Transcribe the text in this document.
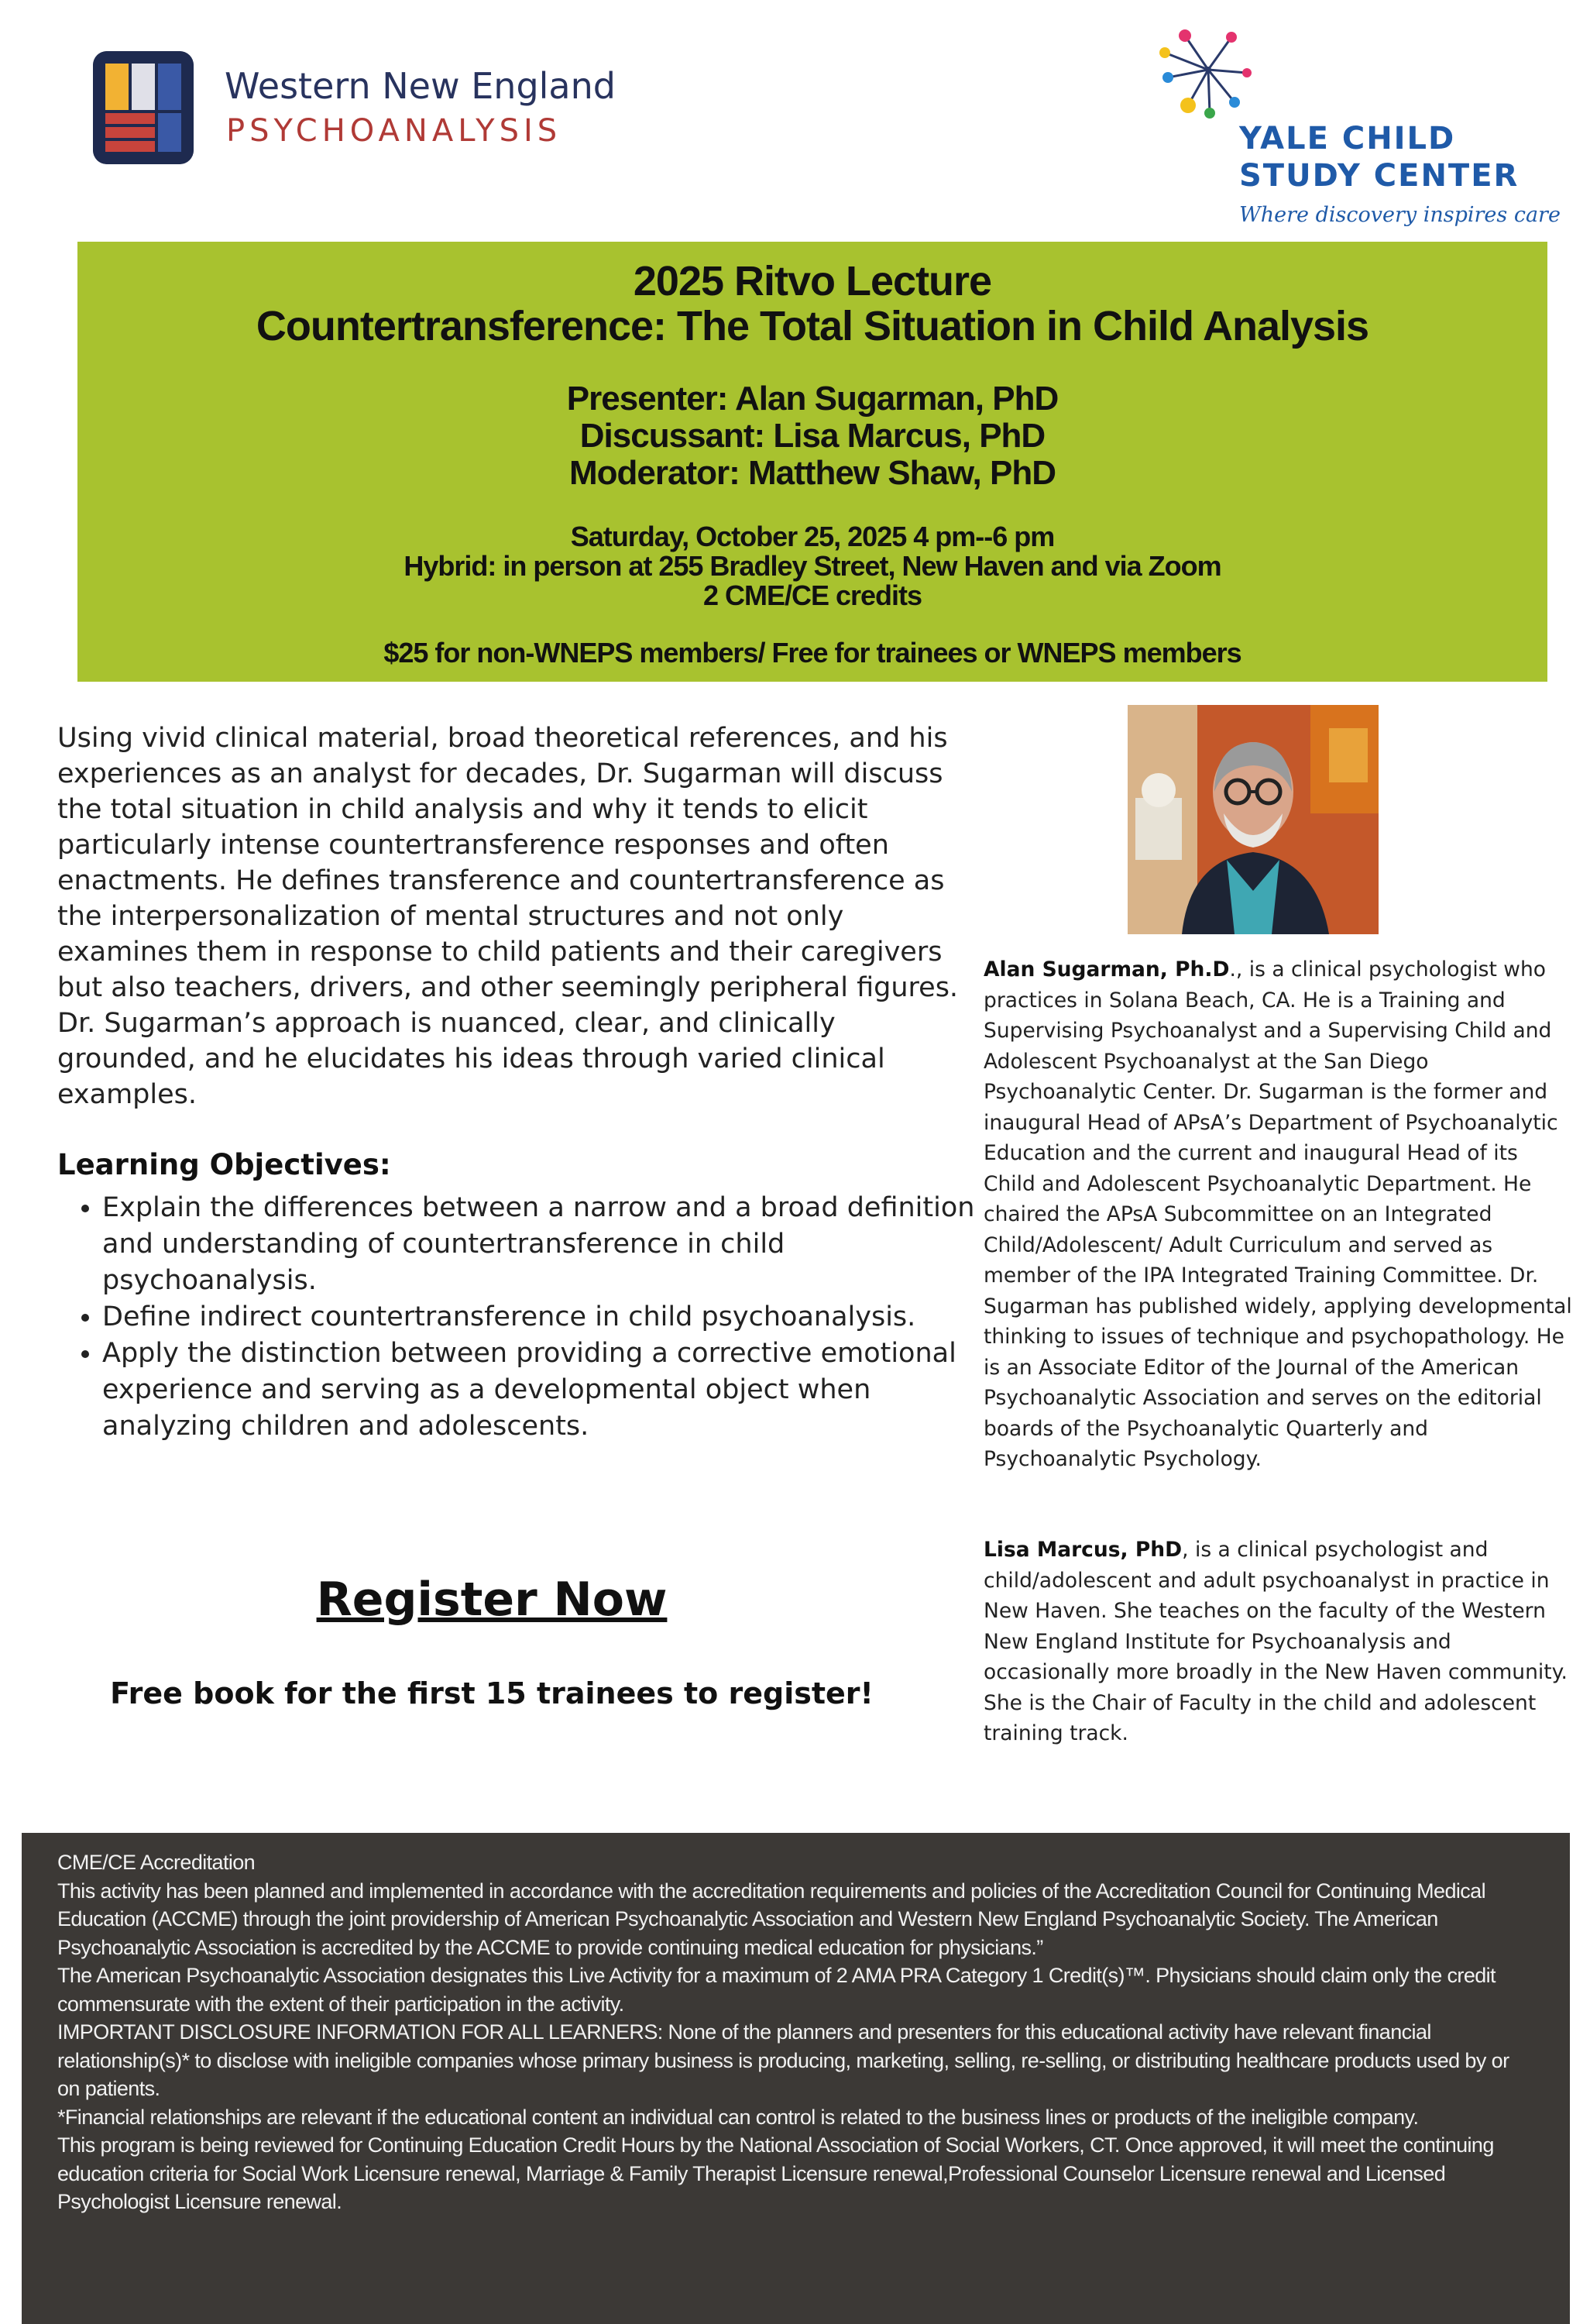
Western New England
PSYCHOANALYSIS	YALE CHILD
STUDY CENTER
Where discovery inspires care
2025 Ritvo Lecture
Countertransference: The Total Situation in Child Analysis
Presenter: Alan Sugarman, PhD
Discussant: Lisa Marcus, PhD
Moderator: Matthew Shaw, PhD
Saturday, October 25, 2025 4 pm--6 pm
Hybrid: in person at 255 Bradley Street, New Haven and via Zoom
2 CME/CE credits
$25 for non-WNEPS members/ Free for trainees or WNEPS members

Using vivid clinical material, broad theoretical references, and his experiences as an analyst for decades, Dr. Sugarman will discuss the total situation in child analysis and why it tends to elicit particularly intense countertransference responses and often enactments. He defines transference and countertransference as the interpersonalization of mental structures and not only examines them in response to child patients and their caregivers but also teachers, drivers, and other seemingly peripheral figures. Dr. Sugarman’s approach is nuanced, clear, and clinically grounded, and he elucidates his ideas through varied clinical examples.

Learning Objectives:
• Explain the differences between a narrow and a broad definition and understanding of countertransference in child psychoanalysis.
• Define indirect countertransference in child psychoanalysis.
• Apply the distinction between providing a corrective emotional experience and serving as a developmental object when analyzing children and adolescents.
Register Now
Free book for the first 15 trainees to register!

Alan Sugarman, Ph.D., is a clinical psychologist who practices in Solana Beach, CA. He is a Training and Supervising Psychoanalyst and a Supervising Child and Adolescent Psychoanalyst at the San Diego Psychoanalytic Center. Dr. Sugarman is the former and inaugural Head of APsA’s Department of Psychoanalytic Education and the current and inaugural Head of its Child and Adolescent Psychoanalytic Department. He chaired the APsA Subcommittee on an Integrated Child/Adolescent/ Adult Curriculum and served as member of the IPA Integrated Training Committee. Dr. Sugarman has published widely, applying developmental thinking to issues of technique and psychopathology. He is an Associate Editor of the Journal of the American Psychoanalytic Association and serves on the editorial boards of the Psychoanalytic Quarterly and Psychoanalytic Psychology.

Lisa Marcus, PhD, is a clinical psychologist and child/adolescent and adult psychoanalyst in practice in New Haven. She teaches on the faculty of the Western New England Institute for Psychoanalysis and occasionally more broadly in the New Haven community. She is the Chair of Faculty in the child and adolescent training track.

CME/CE Accreditation

This activity has been planned and implemented in accordance with the accreditation requirements and policies of the Accreditation Council for Continuing Medical Education (ACCME) through the joint providership of American Psychoanalytic Association and Western New England Psychoanalytic Society. The American Psychoanalytic Association is accredited by the ACCME to provide continuing medical education for physicians.”

The American Psychoanalytic Association designates this Live Activity for a maximum of 2 AMA PRA Category 1 Credit(s)™. Physicians should claim only the credit commensurate with the extent of their participation in the activity.

IMPORTANT DISCLOSURE INFORMATION FOR ALL LEARNERS: None of the planners and presenters for this educational activity have relevant financial relationship(s)* to disclose with ineligible companies whose primary business is producing, marketing, selling, re-selling, or distributing healthcare products used by or on patients.

*Financial relationships are relevant if the educational content an individual can control is related to the business lines or products of the ineligible company.

This program is being reviewed for Continuing Education Credit Hours by the National Association of Social Workers, CT. Once approved, it will meet the continuing education criteria for Social Work Licensure renewal, Marriage & Family Therapist Licensure renewal,Professional Counselor Licensure renewal and Licensed Psychologist Licensure renewal.
